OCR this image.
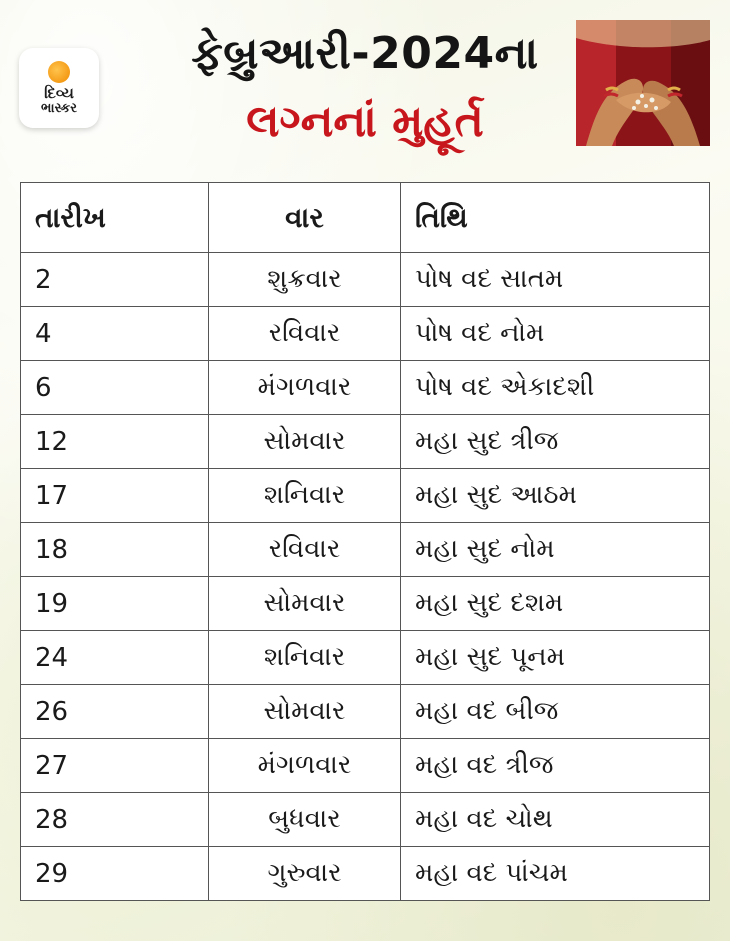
દિવ્ય
ભાસ્કર
ફેબ્રુઆરી-2024ના
લગ્નનાં મુહૂર્ત
તારીખ	વાર	તિથિ
2	શુક્રવાર	પોષ વદ સાતમ
4	રવિવાર	પોષ વદ નોમ
6	મંગળવાર	પોષ વદ એકાદશી
12	સોમવાર	મહા સુદ ત્રીજ
17	શનિવાર	મહા સુદ આઠમ
18	રવિવાર	મહા સુદ નોમ
19	સોમવાર	મહા સુદ દશમ
24	શનિવાર	મહા સુદ પૂનમ
26	સોમવાર	મહા વદ બીજ
27	મંગળવાર	મહા વદ ત્રીજ
28	બુધવાર	મહા વદ ચોથ
29	ગુરુવાર	મહા વદ પાંચમ
